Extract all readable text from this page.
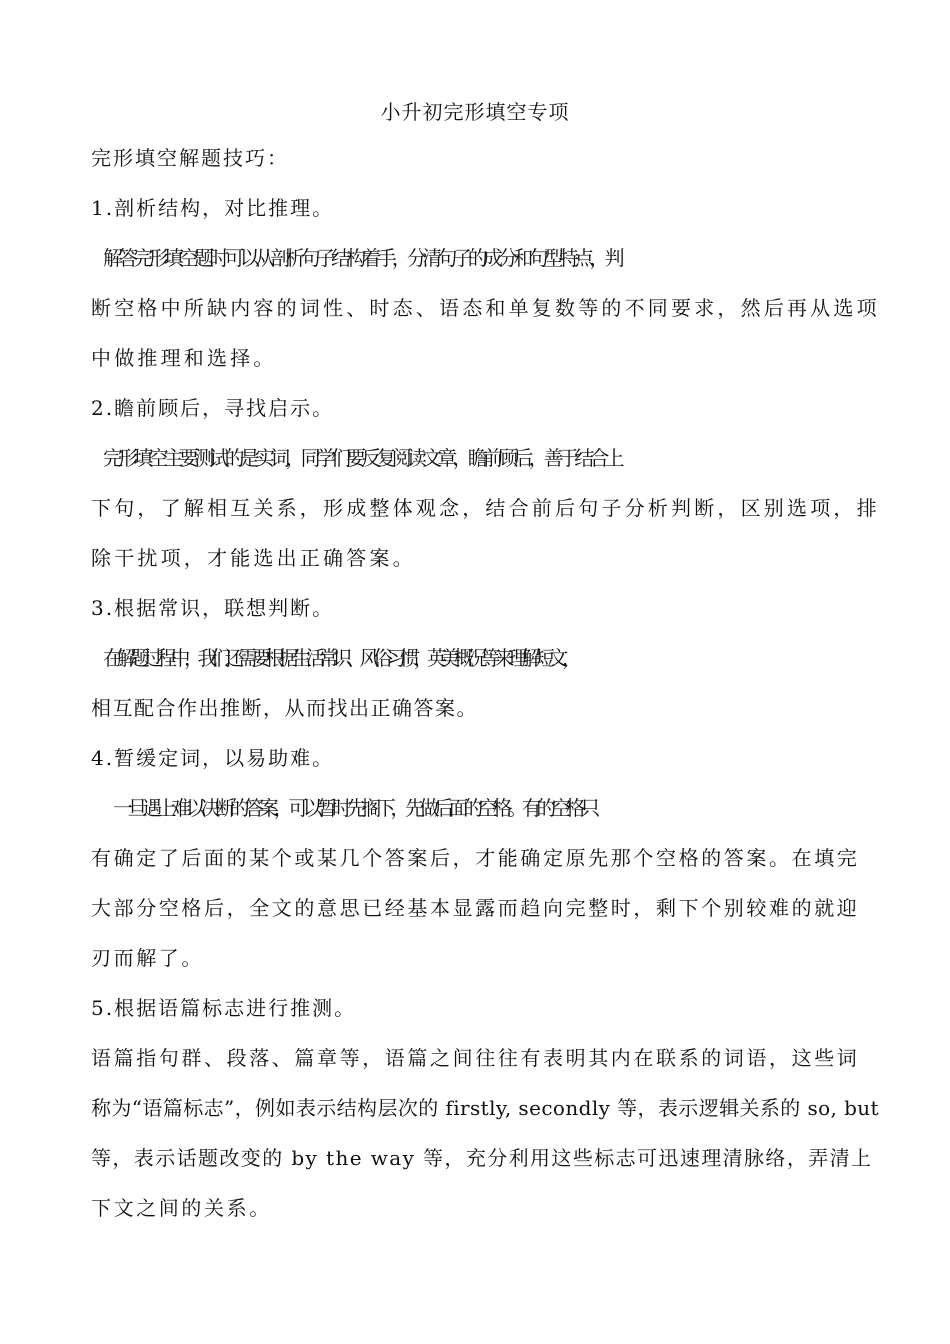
小升初完形填空专项
完形填空解题技巧：
1.剖析结构，对比推理。
解答完形填空题时可以从剖析句子结构着手，分清句子的成分和句型特点，判
断空格中所缺内容的词性、时态、语态和单复数等的不同要求，然后再从选项
中做推理和选择。
2.瞻前顾后，寻找启示。
完形填空主要测试的是实词，同学们要反复阅读文章，瞻前顾后，善于结合上
下句，了解相互关系，形成整体观念，结合前后句子分析判断，区别选项，排
除干扰项，才能选出正确答案。
3.根据常识，联想判断。
在解题过程中，我们还需要根据生活常识、风俗习惯，英美概况等来理解短文，
相互配合作出推断，从而找出正确答案。
4.暂缓定词，以易助难。
一旦遇上难以决断的答案，可以暂时先搁下，先做后面的空格。有的空格只
有确定了后面的某个或某几个答案后，才能确定原先那个空格的答案。在填完
大部分空格后，全文的意思已经基本显露而趋向完整时，剩下个别较难的就迎
刃而解了。
5.根据语篇标志进行推测。
语篇指句群、段落、篇章等，语篇之间往往有表明其内在联系的词语，这些词
称为“语篇标志”，例如表示结构层次的 firstly, secondly 等，表示逻辑关系的 so, but
等，表示话题改变的 by the way 等，充分利用这些标志可迅速理清脉络，弄清上
下文之间的关系。
